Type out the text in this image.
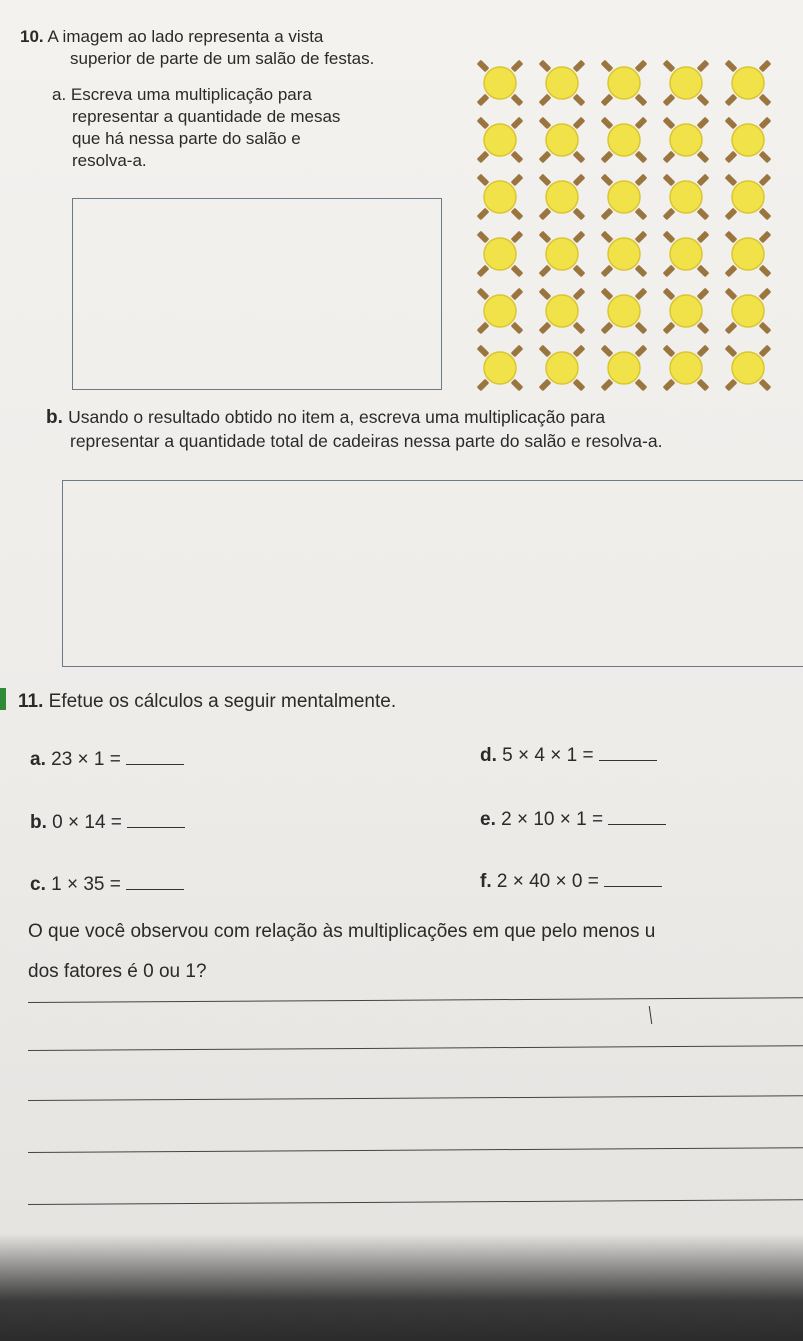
10. A imagem ao lado representa a vista
superior de parte de um salão de festas.
a. Escreva uma multiplicação para
representar a quantidade de mesas
que há nessa parte do salão e
resolva-a.
b. Usando o resultado obtido no item a, escreva uma multiplicação para
representar a quantidade total de cadeiras nessa parte do salão e resolva-a.
11. Efetue os cálculos a seguir mentalmente.
a. 23 × 1 =
b. 0 × 14 =
c. 1 × 35 =
d. 5 × 4 × 1 =
e. 2 × 10 × 1 =
f. 2 × 40 × 0 =
O que você observou com relação às multiplicações em que pelo menos u
dos fatores é 0 ou 1?
